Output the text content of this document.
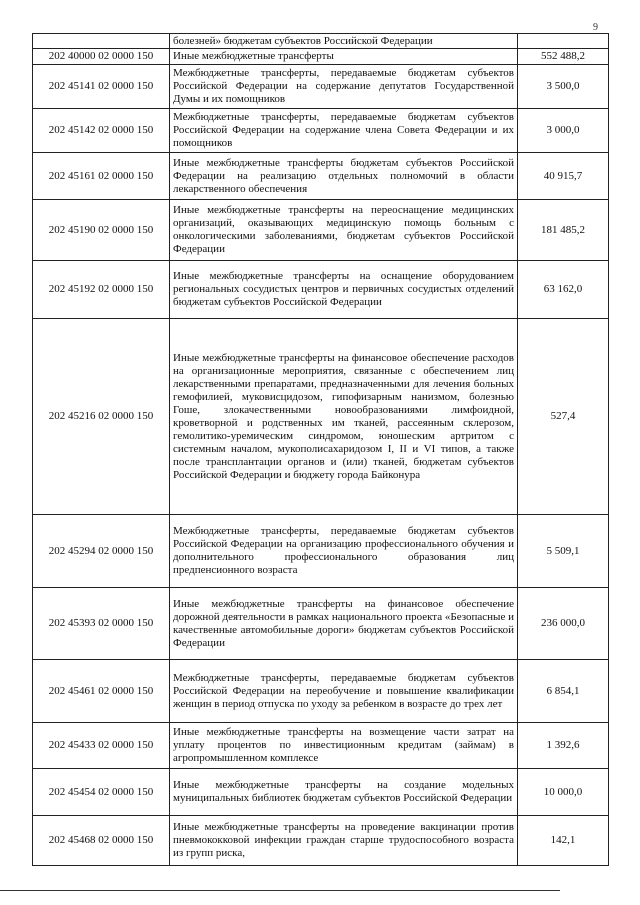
9
	болезней» бюджетам субъектов Российской Федерации	
202 40000 02 0000 150	Иные межбюджетные трансферты	552 488,2
202 45141 02 0000 150	Межбюджетные трансферты, передаваемые бюджетам субъектов Российской Федерации на содержание депутатов Государственной Думы и их помощников	3 500,0
202 45142 02 0000 150	Межбюджетные трансферты, передаваемые бюджетам субъектов Российской Федерации на содержание члена Совета Федерации и их помощников	3 000,0
202 45161 02 0000 150	Иные межбюджетные трансферты бюджетам субъектов Российской Федерации на реализацию отдельных полномочий в области лекарственного обеспечения	40 915,7
202 45190 02 0000 150	Иные межбюджетные трансферты на переоснащение медицинских организаций, оказывающих медицинскую помощь больным с онкологическими заболеваниями, бюджетам субъектов Российской Федерации	181 485,2
202 45192 02 0000 150	Иные межбюджетные трансферты на оснащение оборудованием региональных сосудистых центров и первичных сосудистых отделений бюджетам субъектов Российской Федерации	63 162,0
202 45216 02 0000 150	Иные межбюджетные трансферты на финансовое обеспечение расходов на организационные мероприятия, связанные с обеспечением лиц лекарственными препаратами, предназначенными для лечения больных гемофилией, муковисцидозом, гипофизарным нанизмом, болезнью Гоше, злокачественными новообразованиями лимфоидной, кроветворной и родственных им тканей, рассеянным склерозом, гемолитико-уремическим синдромом, юношеским артритом с системным началом, мукополисахаридозом I, II и VI типов, а также после трансплантации органов и (или) тканей, бюджетам субъектов Российской Федерации и бюджету города Байконура	527,4
202 45294 02 0000 150	Межбюджетные трансферты, передаваемые бюджетам субъектов Российской Федерации на организацию профессионального обучения и дополнительного профессионального образования лиц предпенсионного возраста	5 509,1
202 45393 02 0000 150	Иные межбюджетные трансферты на финансовое обеспечение дорожной деятельности в рамках национального проекта «Безопасные и качественные автомобильные дороги» бюджетам субъектов Российской Федерации	236 000,0
202 45461 02 0000 150	Межбюджетные трансферты, передаваемые бюджетам субъектов Российской Федерации на переобучение и повышение квалификации женщин в период отпуска по уходу за ребенком в возрасте до трех лет	6 854,1
202 45433 02 0000 150	Иные межбюджетные трансферты на возмещение части затрат на уплату процентов по инвестиционным кредитам (займам) в агропромышленном комплексе	1 392,6
202 45454 02 0000 150	Иные межбюджетные трансферты на создание модельных муниципальных библиотек бюджетам субъектов Российской Федерации	10 000,0
202 45468 02 0000 150	Иные межбюджетные трансферты на проведение вакцинации против пневмококковой инфекции граждан старше трудоспособного возраста из групп риска,	142,1
